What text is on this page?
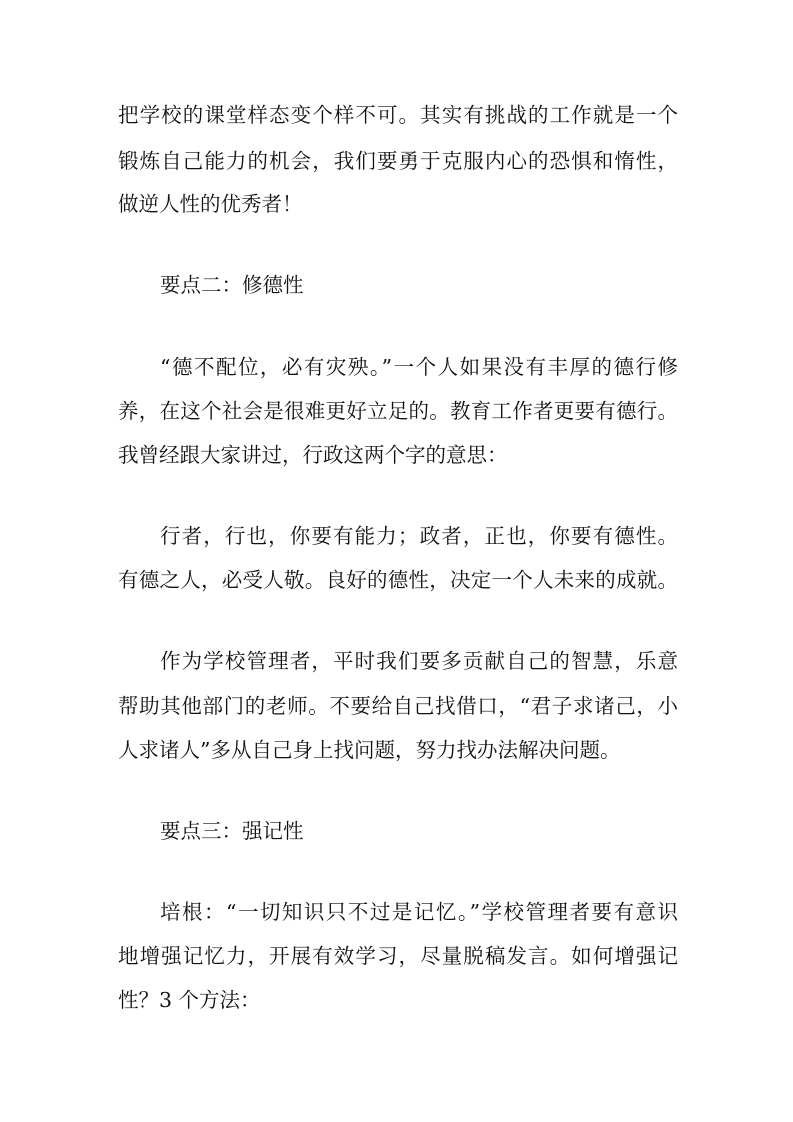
把学校的课堂样态变个样不可。其实有挑战的工作就是一个
锻炼自己能力的机会，我们要勇于克服内心的恐惧和惰性，
做逆人性的优秀者！
要点二：修德性
“德不配位，必有灾殃。”一个人如果没有丰厚的德行修
养，在这个社会是很难更好立足的。教育工作者更要有德行。
我曾经跟大家讲过，行政这两个字的意思：
行者，行也，你要有能力；政者，正也，你要有德性。
有德之人，必受人敬。良好的德性，决定一个人未来的成就。
作为学校管理者，平时我们要多贡献自己的智慧，乐意
帮助其他部门的老师。不要给自己找借口，“君子求诸己，小
人求诸人”多从自己身上找问题，努力找办法解决问题。
要点三：强记性
培根：“一切知识只不过是记忆。”学校管理者要有意识
地增强记忆力，开展有效学习，尽量脱稿发言。如何增强记
性？3 个方法：
